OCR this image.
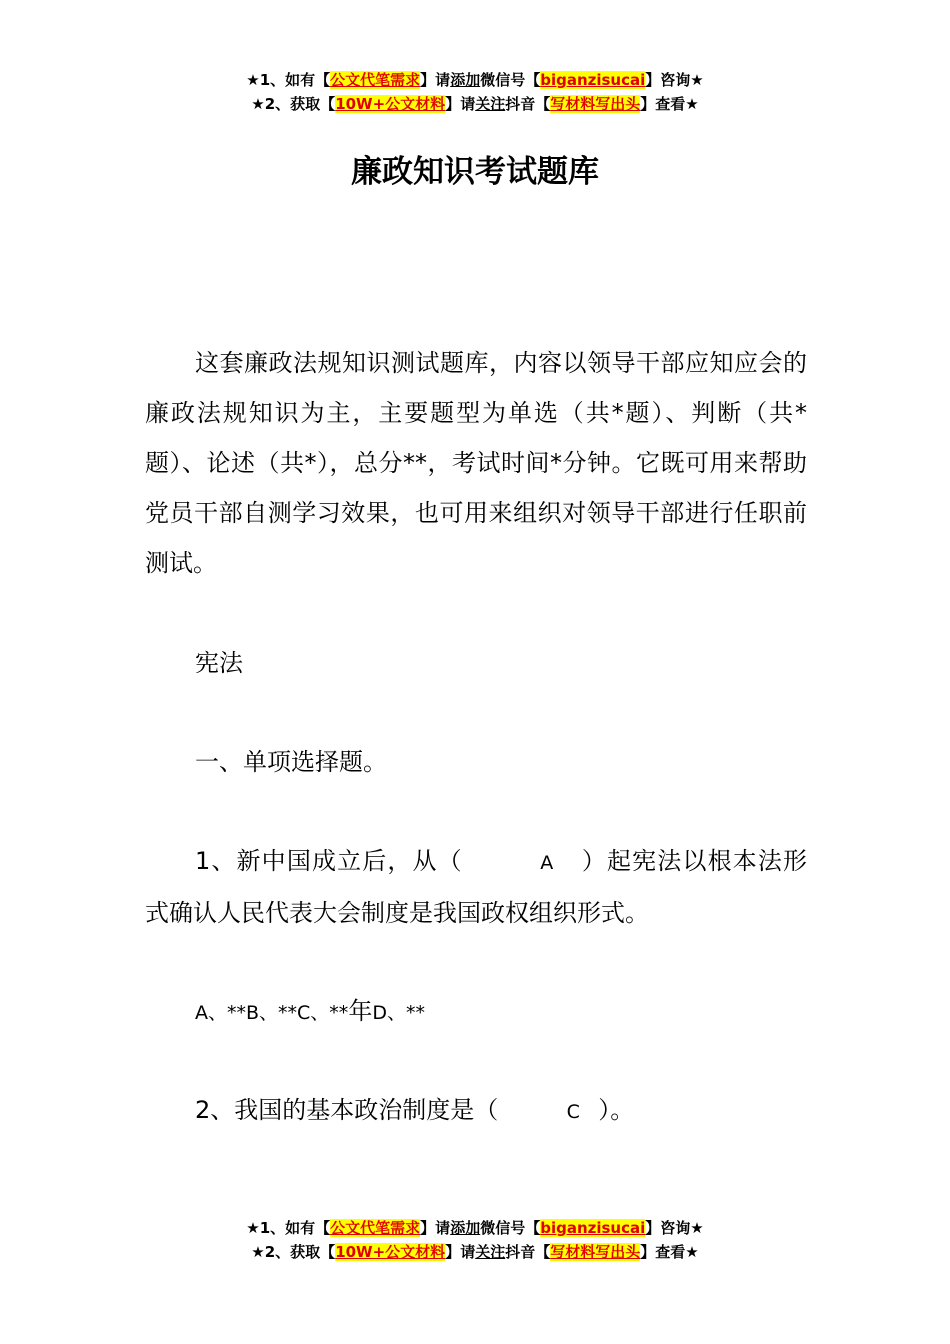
★1、如有【公文代笔需求】请添加微信号【biganzisucai】咨询★
★2、获取【10W+公文材料】请关注抖音【写材料写出头】查看★
廉政知识考试题库

这套廉政法规知识测试题库，内容以领导干部应知应会的廉政法规知识为主，主要题型为单选（共*题）、判断（共*题）、论述（共*），总分**，考试时间*分钟。它既可用来帮助党员干部自测学习效果，也可用来组织对领导干部进行任职前测试。

宪法

一、单项选择题。

1、新中国成立后，从（	A ）起宪法以根本法形式确认人民代表大会制度是我国政权组织形式。

A、**B、**C、**年D、**

2、我国的基本政治制度是（	C ）。

★1、如有【公文代笔需求】请添加微信号【biganzisucai】咨询★
★2、获取【10W+公文材料】请关注抖音【写材料写出头】查看★
